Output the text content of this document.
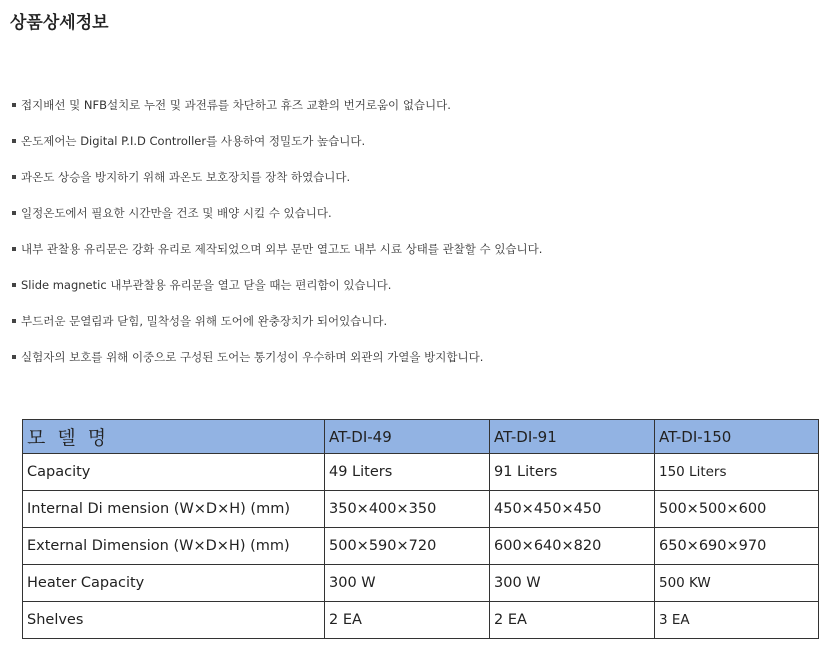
상품상세정보
접지배선 및 NFB설치로 누전 및 과전류를 차단하고 휴즈 교환의 번거로움이 없습니다.
온도제어는 Digital P.I.D Controller를 사용하여 정밀도가 높습니다.
과온도 상승을 방지하기 위해 과온도 보호장치를 장착 하였습니다.
일정온도에서 필요한 시간만을 건조 및 배양 시킬 수 있습니다.
내부 관찰용 유리문은 강화 유리로 제작되었으며 외부 문만 열고도 내부 시료 상태를 관찰할 수 있습니다.
Slide magnetic 내부관찰용 유리문을 열고 닫을 때는 편리함이 있습니다.
부드러운 문열림과 닫힘, 밀착성을 위해 도어에 완충장치가 되어있습니다.
실험자의 보호를 위해 이중으로 구성된 도어는 통기성이 우수하며 외관의 가열을 방지합니다.
모 델 명	AT-DI-49	AT-DI-91	AT-DI-150
Capacity	49 Liters	91 Liters	150 Liters
Internal Di mension (W×D×H) (mm)	350×400×350	450×450×450	500×500×600
External Dimension (W×D×H) (mm)	500×590×720	600×640×820	650×690×970
Heater Capacity	300 W	300 W	500 KW
Shelves	2 EA	2 EA	3 EA
